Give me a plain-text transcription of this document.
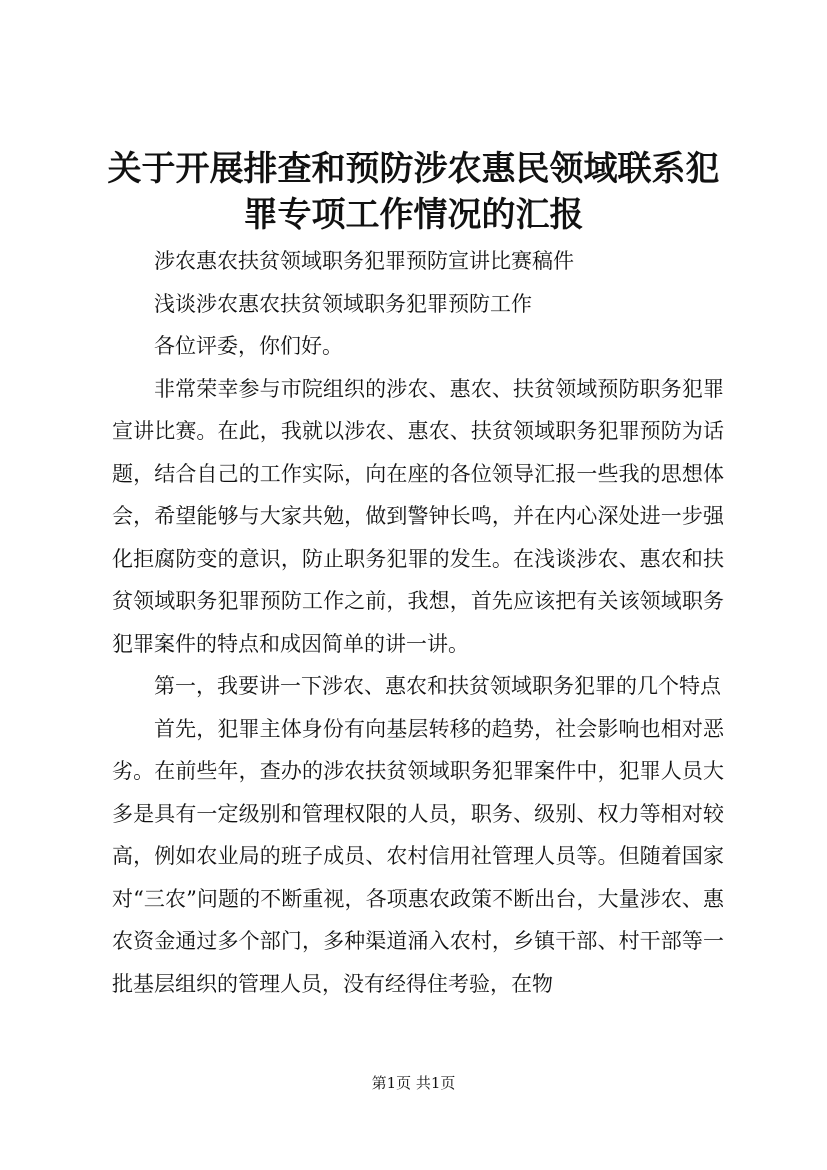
关于开展排查和预防涉农惠民领域联系犯罪专项工作情况的汇报

涉农惠农扶贫领域职务犯罪预防宣讲比赛稿件

浅谈涉农惠农扶贫领域职务犯罪预防工作

各位评委，你们好。

非常荣幸参与市院组织的涉农、惠农、扶贫领域预防职务犯罪宣讲比赛。在此，我就以涉农、惠农、扶贫领域职务犯罪预防为话题，结合自己的工作实际，向在座的各位领导汇报一些我的思想体会，希望能够与大家共勉，做到警钟长鸣，并在内心深处进一步强化拒腐防变的意识，防止职务犯罪的发生。在浅谈涉农、惠农和扶贫领域职务犯罪预防工作之前，我想，首先应该把有关该领域职务犯罪案件的特点和成因简单的讲一讲。

第一，我要讲一下涉农、惠农和扶贫领域职务犯罪的几个特点

首先，犯罪主体身份有向基层转移的趋势，社会影响也相对恶劣。在前些年，查办的涉农扶贫领域职务犯罪案件中，犯罪人员大多是具有一定级别和管理权限的人员，职务、级别、权力等相对较高，例如农业局的班子成员、农村信用社管理人员等。但随着国家对“三农”问题的不断重视，各项惠农政策不断出台，大量涉农、惠农资金通过多个部门，多种渠道涌入农村，乡镇干部、村干部等一批基层组织的管理人员，没有经得住考验，在物

第1页 共1页
